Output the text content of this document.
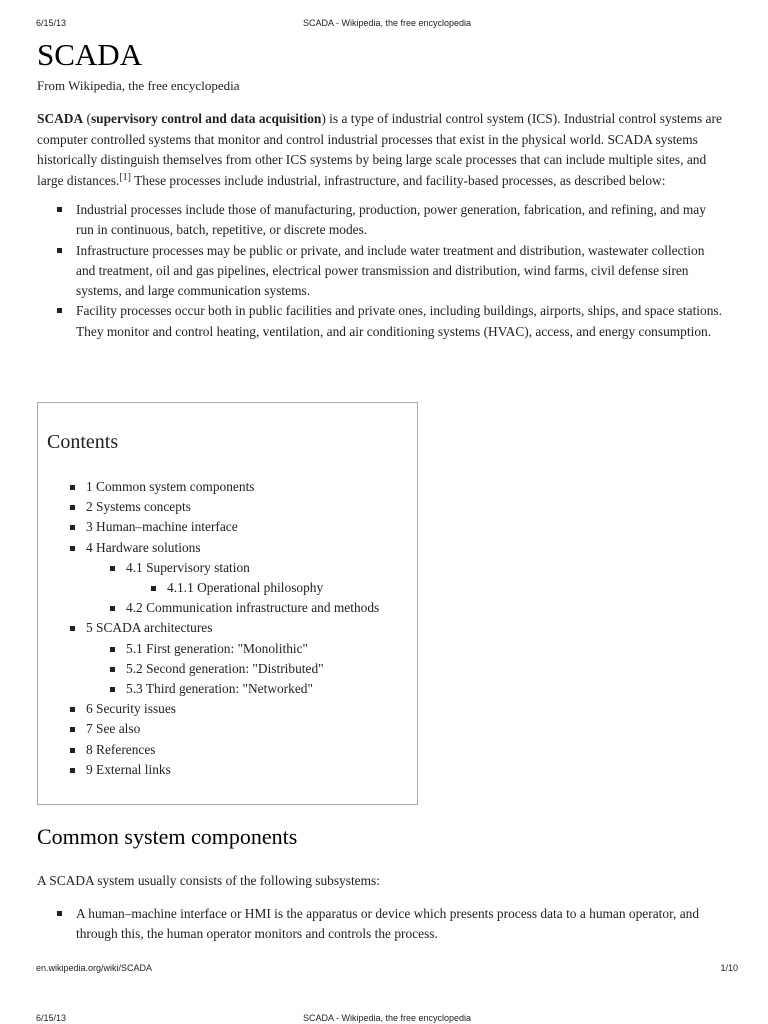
6/15/13	SCADA - Wikipedia, the free encyclopedia
SCADA
From Wikipedia, the free encyclopedia

SCADA (supervisory control and data acquisition) is a type of industrial control system (ICS). Industrial control systems are computer controlled systems that monitor and control industrial processes that exist in the physical world. SCADA systems historically distinguish themselves from other ICS systems by being large scale processes that can include multiple sites, and large distances.[1] These processes include industrial, infrastructure, and facility-based processes, as described below:

Industrial processes include those of manufacturing, production, power generation, fabrication, and refining, and may run in continuous, batch, repetitive, or discrete modes.
Infrastructure processes may be public or private, and include water treatment and distribution, wastewater collection and treatment, oil and gas pipelines, electrical power transmission and distribution, wind farms, civil defense siren systems, and large communication systems.
Facility processes occur both in public facilities and private ones, including buildings, airports, ships, and space stations. They monitor and control heating, ventilation, and air conditioning systems (HVAC), access, and energy consumption.
Contents
1 Common system components
2 Systems concepts
3 Human–machine interface
4 Hardware solutions
4.1 Supervisory station
4.1.1 Operational philosophy
4.2 Communication infrastructure and methods
5 SCADA architectures
5.1 First generation: "Monolithic"
5.2 Second generation: "Distributed"
5.3 Third generation: "Networked"
6 Security issues
7 See also
8 References
9 External links
Common system components

A SCADA system usually consists of the following subsystems:

A human–machine interface or HMI is the apparatus or device which presents process data to a human operator, and through this, the human operator monitors and controls the process.
en.wikipedia.org/wiki/SCADA	1/10
6/15/13	SCADA - Wikipedia, the free encyclopedia
